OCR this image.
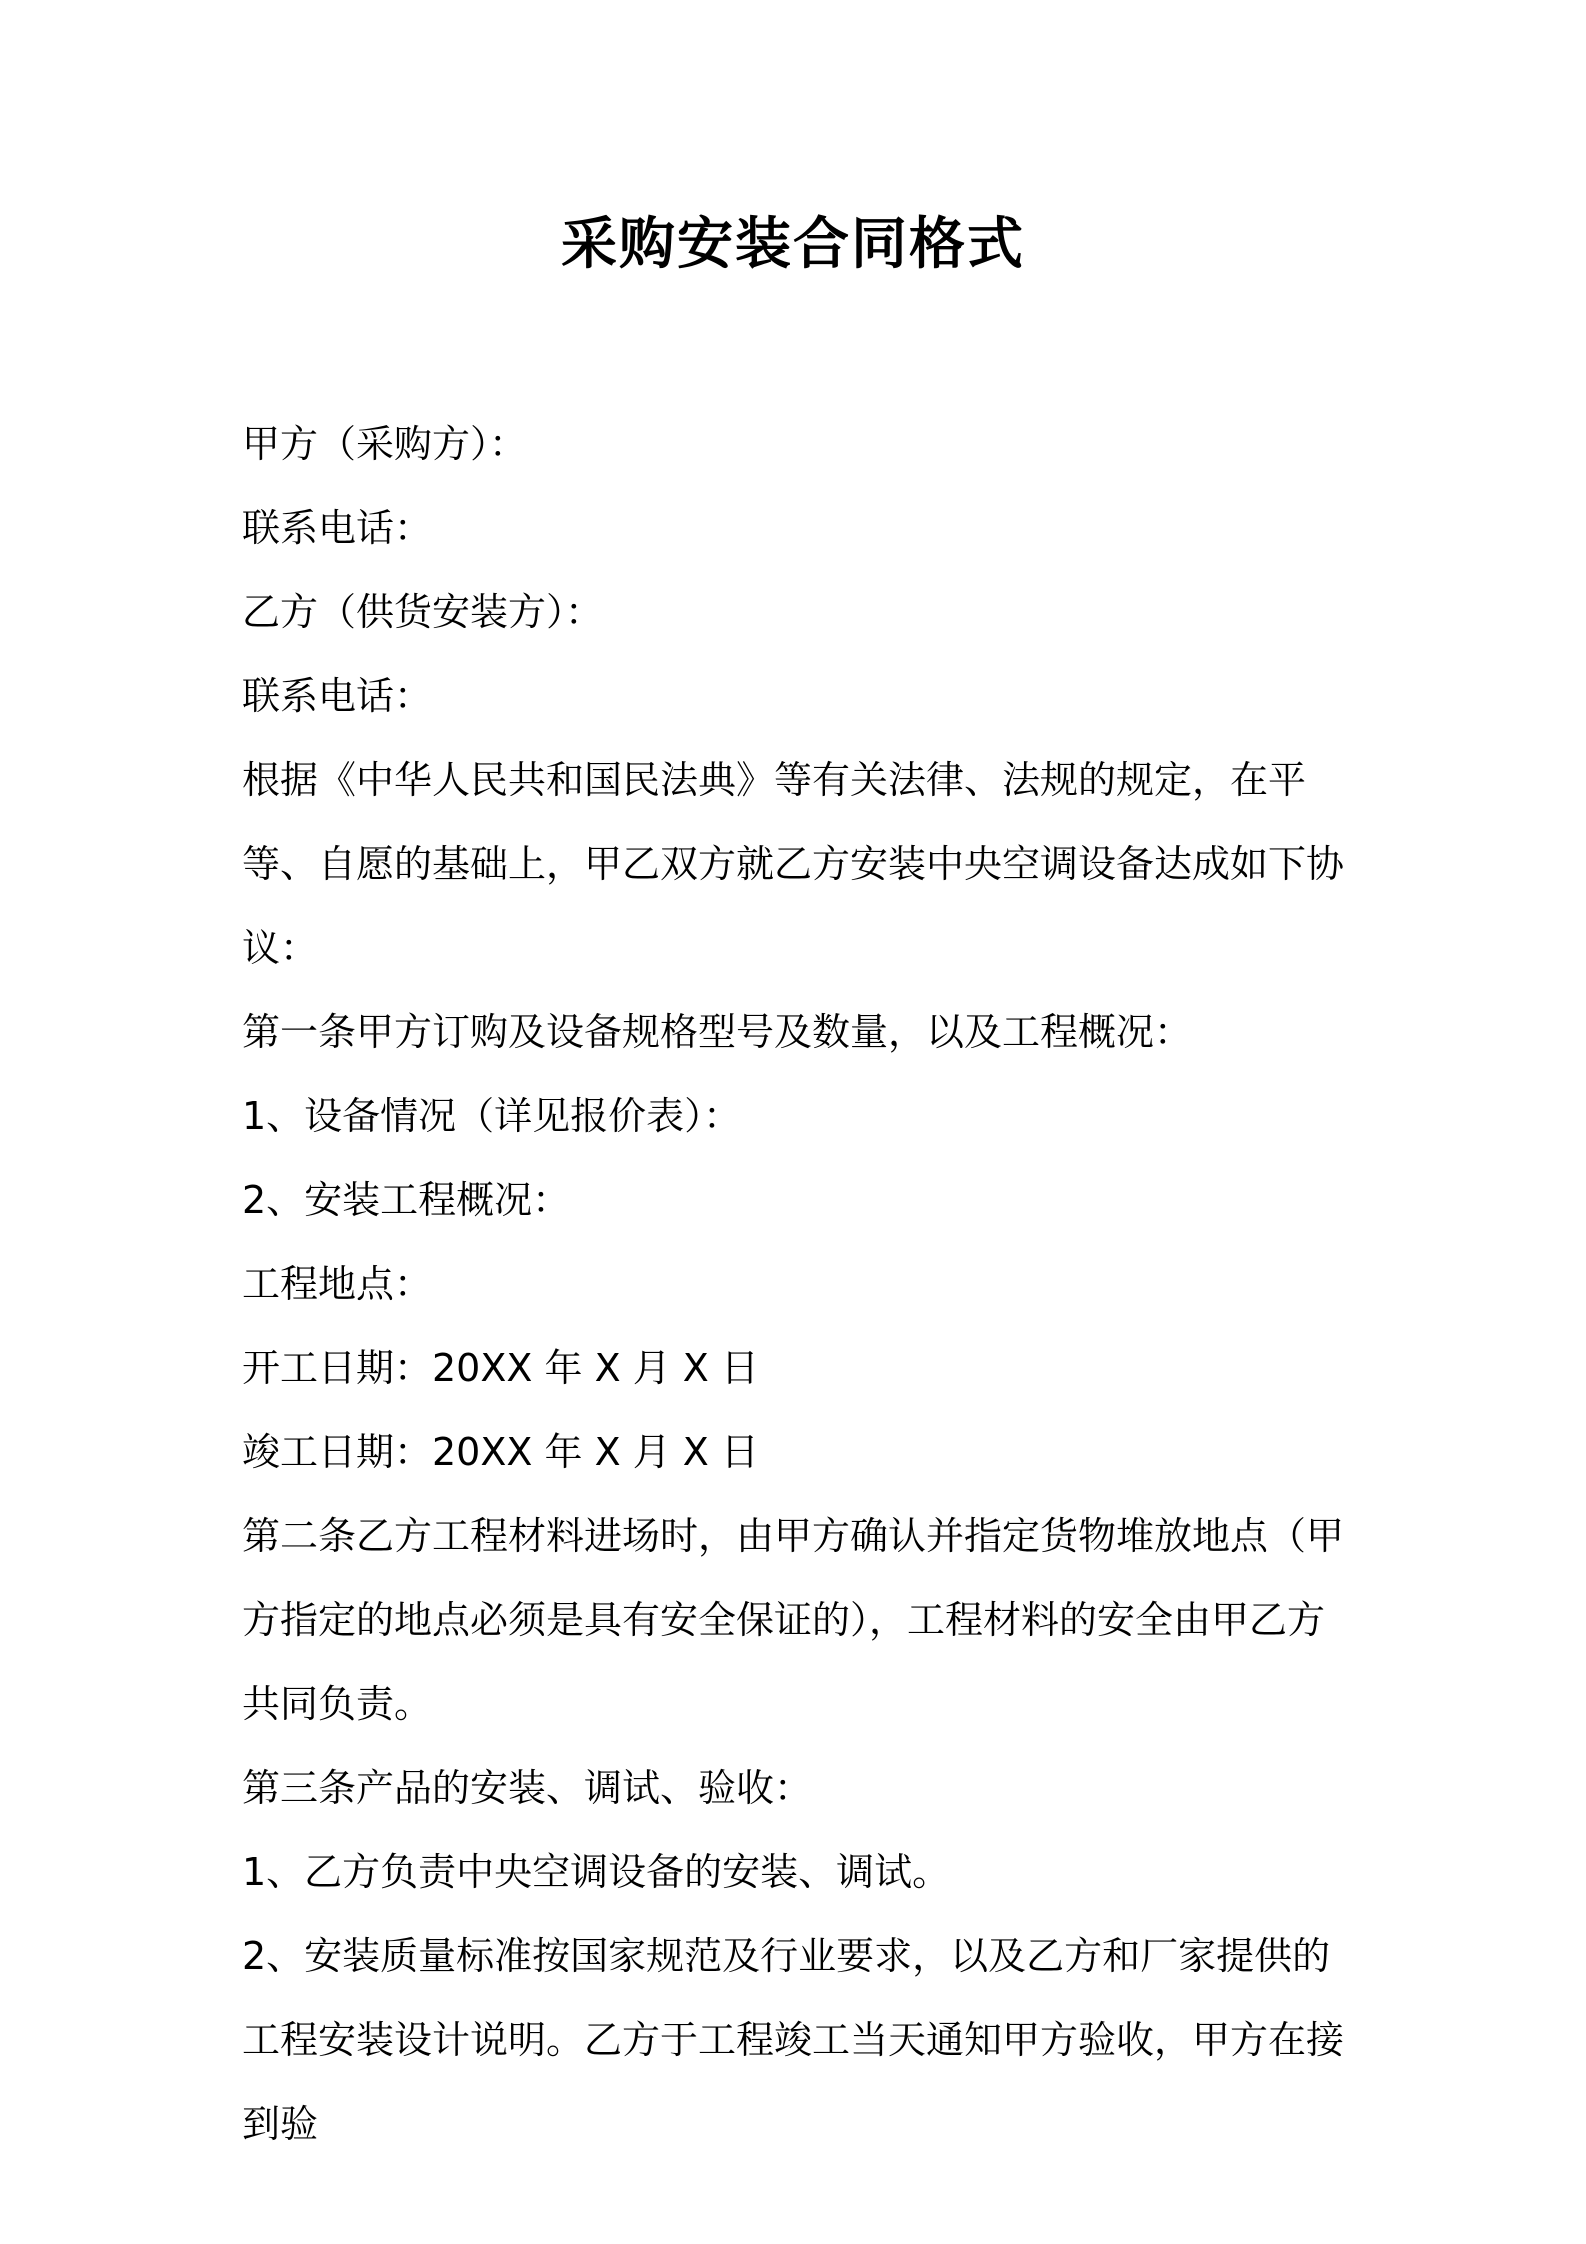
采购安装合同格式

甲方（采购方）：

联系电话：

乙方（供货安装方）：

联系电话：

根据《中华人民共和国民法典》等有关法律、法规的规定，在平等、自愿的基础上，甲乙双方就乙方安装中央空调设备达成如下协议：

第一条甲方订购及设备规格型号及数量，以及工程概况：

1、设备情况（详见报价表）：

2、安装工程概况：

工程地点：

开工日期：20XX 年 X 月 X 日

竣工日期：20XX 年 X 月 X 日

第二条乙方工程材料进场时，由甲方确认并指定货物堆放地点（甲方指定的地点必须是具有安全保证的），工程材料的安全由甲乙方共同负责。

第三条产品的安装、调试、验收：

1、乙方负责中央空调设备的安装、调试。

2、安装质量标准按国家规范及行业要求，以及乙方和厂家提供的工程安装设计说明。乙方于工程竣工当天通知甲方验收，甲方在接到验
